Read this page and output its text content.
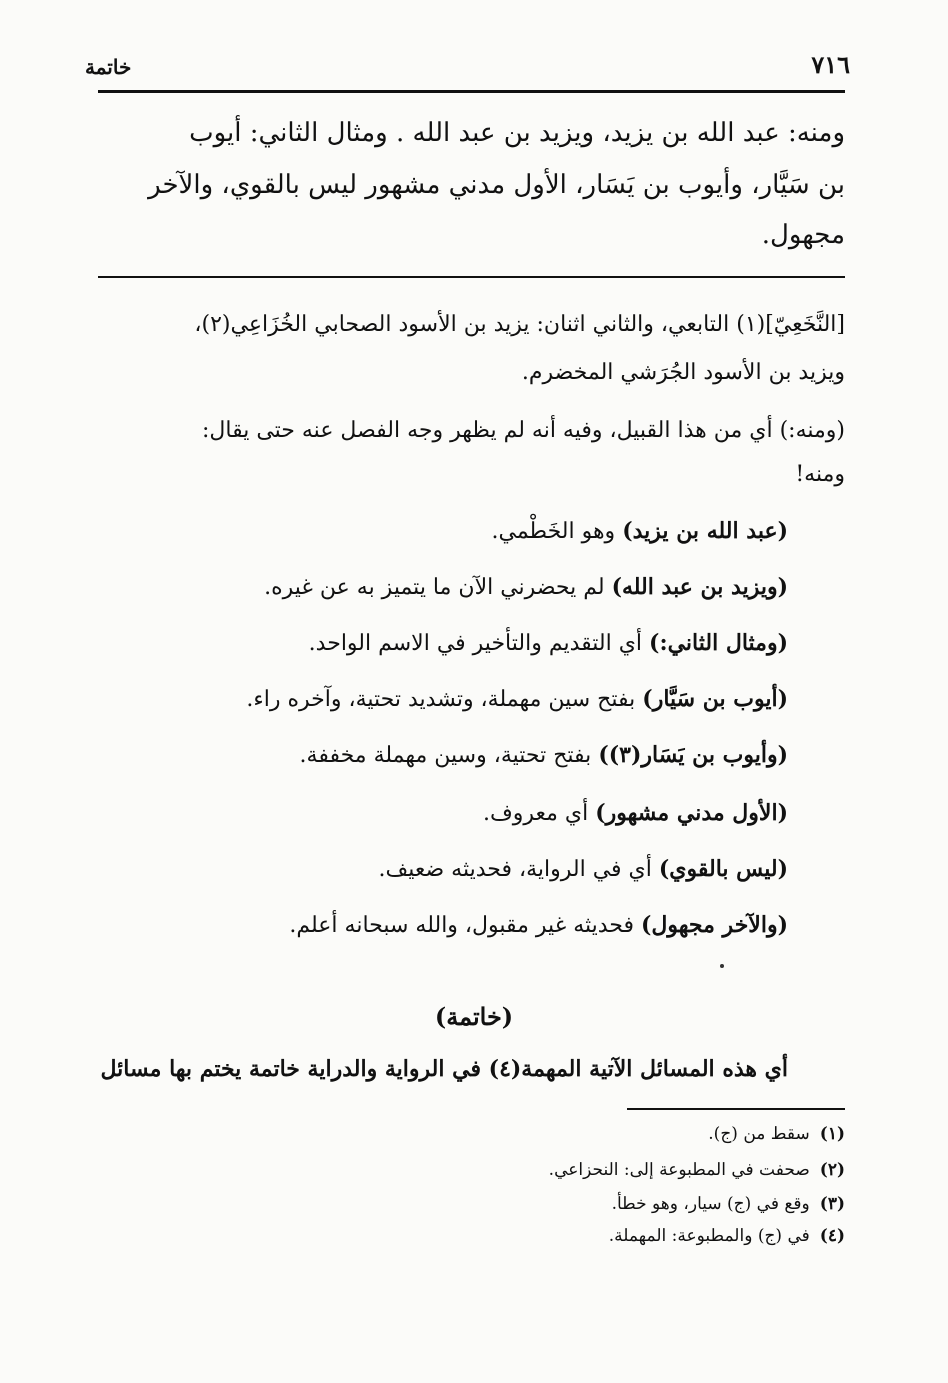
٧١٦
خاتمة
ومنه: عبد الله بن يزيد، ويزيد بن عبد الله . ومثال الثاني: أيوب
بن سَيَّار، وأيوب بن يَسَار، الأول مدني مشهور ليس بالقوي، والآخر
مجهول.
[النَّخَعِيّ](١) التابعي، والثاني اثنان: يزيد بن الأسود الصحابي الخُزَاعِي(٢)،
ويزيد بن الأسود الجُرَشي المخضرم.
(ومنه:) أي من هذا القبيل، وفيه أنه لم يظهر وجه الفصل عنه حتى يقال:
ومنه!
(عبد الله بن يزيد) وهو الخَطْمي.
(ويزيد بن عبد الله) لم يحضرني الآن ما يتميز به عن غيره.
(ومثال الثاني:) أي التقديم والتأخير في الاسم الواحد.
(أيوب بن سَيَّار) بفتح سين مهملة، وتشديد تحتية، وآخره راء.
(وأيوب بن يَسَار(٣)) بفتح تحتية، وسين مهملة مخففة.
(الأول مدني مشهور) أي معروف.
(ليس بالقوي) أي في الرواية، فحديثه ضعيف.
(والآخر مجهول) فحديثه غير مقبول، والله سبحانه أعلم.
(خاتمة)
أي هذه المسائل الآتية المهمة(٤) في الرواية والدراية خاتمة يختم بها مسائل
(١)سقط من (ج).
(٢)صحفت في المطبوعة إلى: النحزاعي.
(٣)وقع في (ج) سيار، وهو خطأ.
(٤)في (ج) والمطبوعة: المهملة.
